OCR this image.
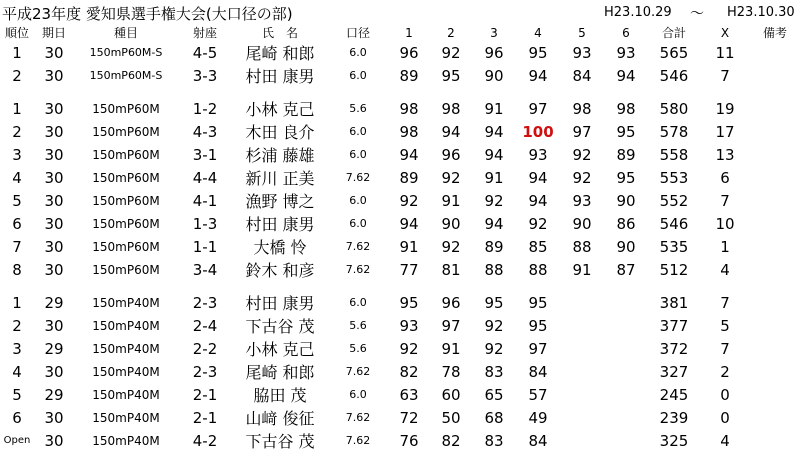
平成23年度 愛知県選手権大会(大口径の部)	H23.10.29 〜 H23.10.30
順位	期日	種目	射座	氏　名	口径	1	2	3	4	5	6	合計	X	備考
1	30	150mP60M-S	4-5	尾崎 和郎	6.0	96	92	96	95	93	93	565	11	
2	30	150mP60M-S	3-3	村田 康男	6.0	89	95	90	94	84	94	546	7	

1	30	150mP60M	1-2	小林 克己	5.6	98	98	91	97	98	98	580	19	
2	30	150mP60M	4-3	木田 良介	6.0	98	94	94	100	97	95	578	17	
3	30	150mP60M	3-1	杉浦 藤雄	6.0	94	96	94	93	92	89	558	13	
4	30	150mP60M	4-4	新川 正美	7.62	89	92	91	94	92	95	553	6	
5	30	150mP60M	4-1	漁野 博之	6.0	92	91	92	94	93	90	552	7	
6	30	150mP60M	1-3	村田 康男	6.0	94	90	94	92	90	86	546	10	
7	30	150mP60M	1-1	大橋 怜	7.62	91	92	89	85	88	90	535	1	
8	30	150mP60M	3-4	鈴木 和彦	7.62	77	81	88	88	91	87	512	4	

1	29	150mP40M	2-3	村田 康男	6.0	95	96	95	95			381	7	
2	30	150mP40M	2-4	下古谷 茂	5.6	93	97	92	95			377	5	
3	29	150mP40M	2-2	小林 克己	5.6	92	91	92	97			372	7	
4	30	150mP40M	2-3	尾崎 和郎	7.62	82	78	83	84			327	2	
5	29	150mP40M	2-1	脇田 茂	6.0	63	60	65	57			245	0	
6	30	150mP40M	2-1	山﨑 俊征	7.62	72	50	68	49			239	0	
Open	30	150mP40M	4-2	下古谷 茂	7.62	76	82	83	84			325	4	
